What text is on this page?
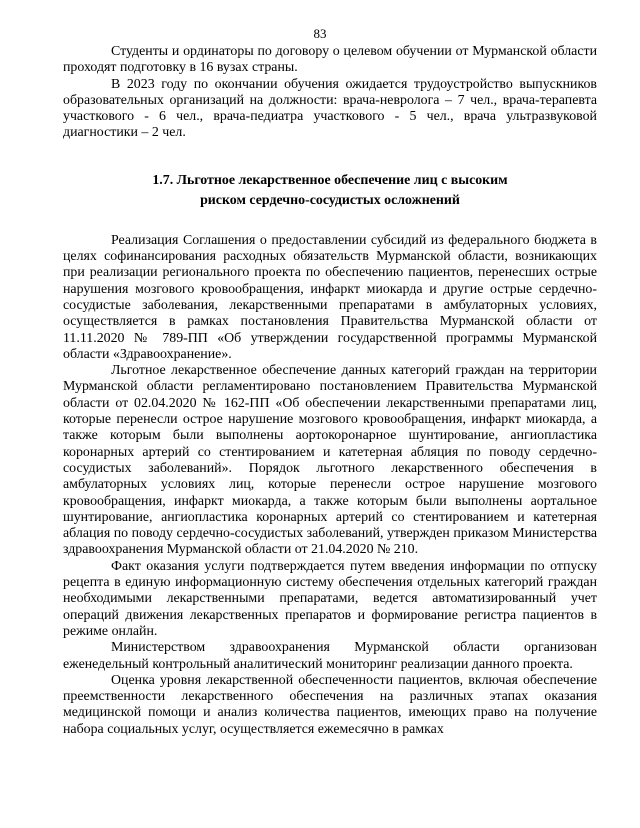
83

Студенты и ординаторы по договору о целевом обучении от Мурманской области проходят подготовку в 16 вузах страны.

В 2023 году по окончании обучения ожидается трудоустройство выпускников образовательных организаций на должности: врача-невролога – 7 чел., врача-терапевта участкового - 6 чел., врача-педиатра участкового - 5 чел., врача ультразвуковой диагностики – 2 чел.

1.7. Льготное лекарственное обеспечение лиц с высоким риском сердечно-сосудистых осложнений

Реализация Соглашения о предоставлении субсидий из федерального бюджета в целях софинансирования расходных обязательств Мурманской области, возникающих при реализации регионального проекта по обеспечению пациентов, перенесших острые нарушения мозгового кровообращения, инфаркт миокарда и другие острые сердечно-сосудистые заболевания, лекарственными препаратами в амбулаторных условиях, осуществляется в рамках постановления Правительства Мурманской области от 11.11.2020 № 789-ПП «Об утверждении государственной программы Мурманской области «Здравоохранение».

Льготное лекарственное обеспечение данных категорий граждан на территории Мурманской области регламентировано постановлением Правительства Мурманской области от 02.04.2020 № 162-ПП «Об обеспечении лекарственными препаратами лиц, которые перенесли острое нарушение мозгового кровообращения, инфаркт миокарда, а также которым были выполнены аортокоронарное шунтирование, ангиопластика коронарных артерий со стентированием и катетерная абляция по поводу сердечно-сосудистых заболеваний». Порядок льготного лекарственного обеспечения в амбулаторных условиях лиц, которые перенесли острое нарушение мозгового кровообращения, инфаркт миокарда, а также которым были выполнены аортальное шунтирование, ангиопластика коронарных артерий со стентированием и катетерная аблация по поводу сердечно-сосудистых заболеваний, утвержден приказом Министерства здравоохранения Мурманской области от 21.04.2020 № 210.

Факт оказания услуги подтверждается путем введения информации по отпуску рецепта в единую информационную систему обеспечения отдельных категорий граждан необходимыми лекарственными препаратами, ведется автоматизированный учет операций движения лекарственных препаратов и формирование регистра пациентов в режиме онлайн.

Министерством здравоохранения Мурманской области организован еженедельный контрольный аналитический мониторинг реализации данного проекта.

Оценка уровня лекарственной обеспеченности пациентов, включая обеспечение преемственности лекарственного обеспечения на различных этапах оказания медицинской помощи и анализ количества пациентов, имеющих право на получение набора социальных услуг, осуществляется ежемесячно в рамках
